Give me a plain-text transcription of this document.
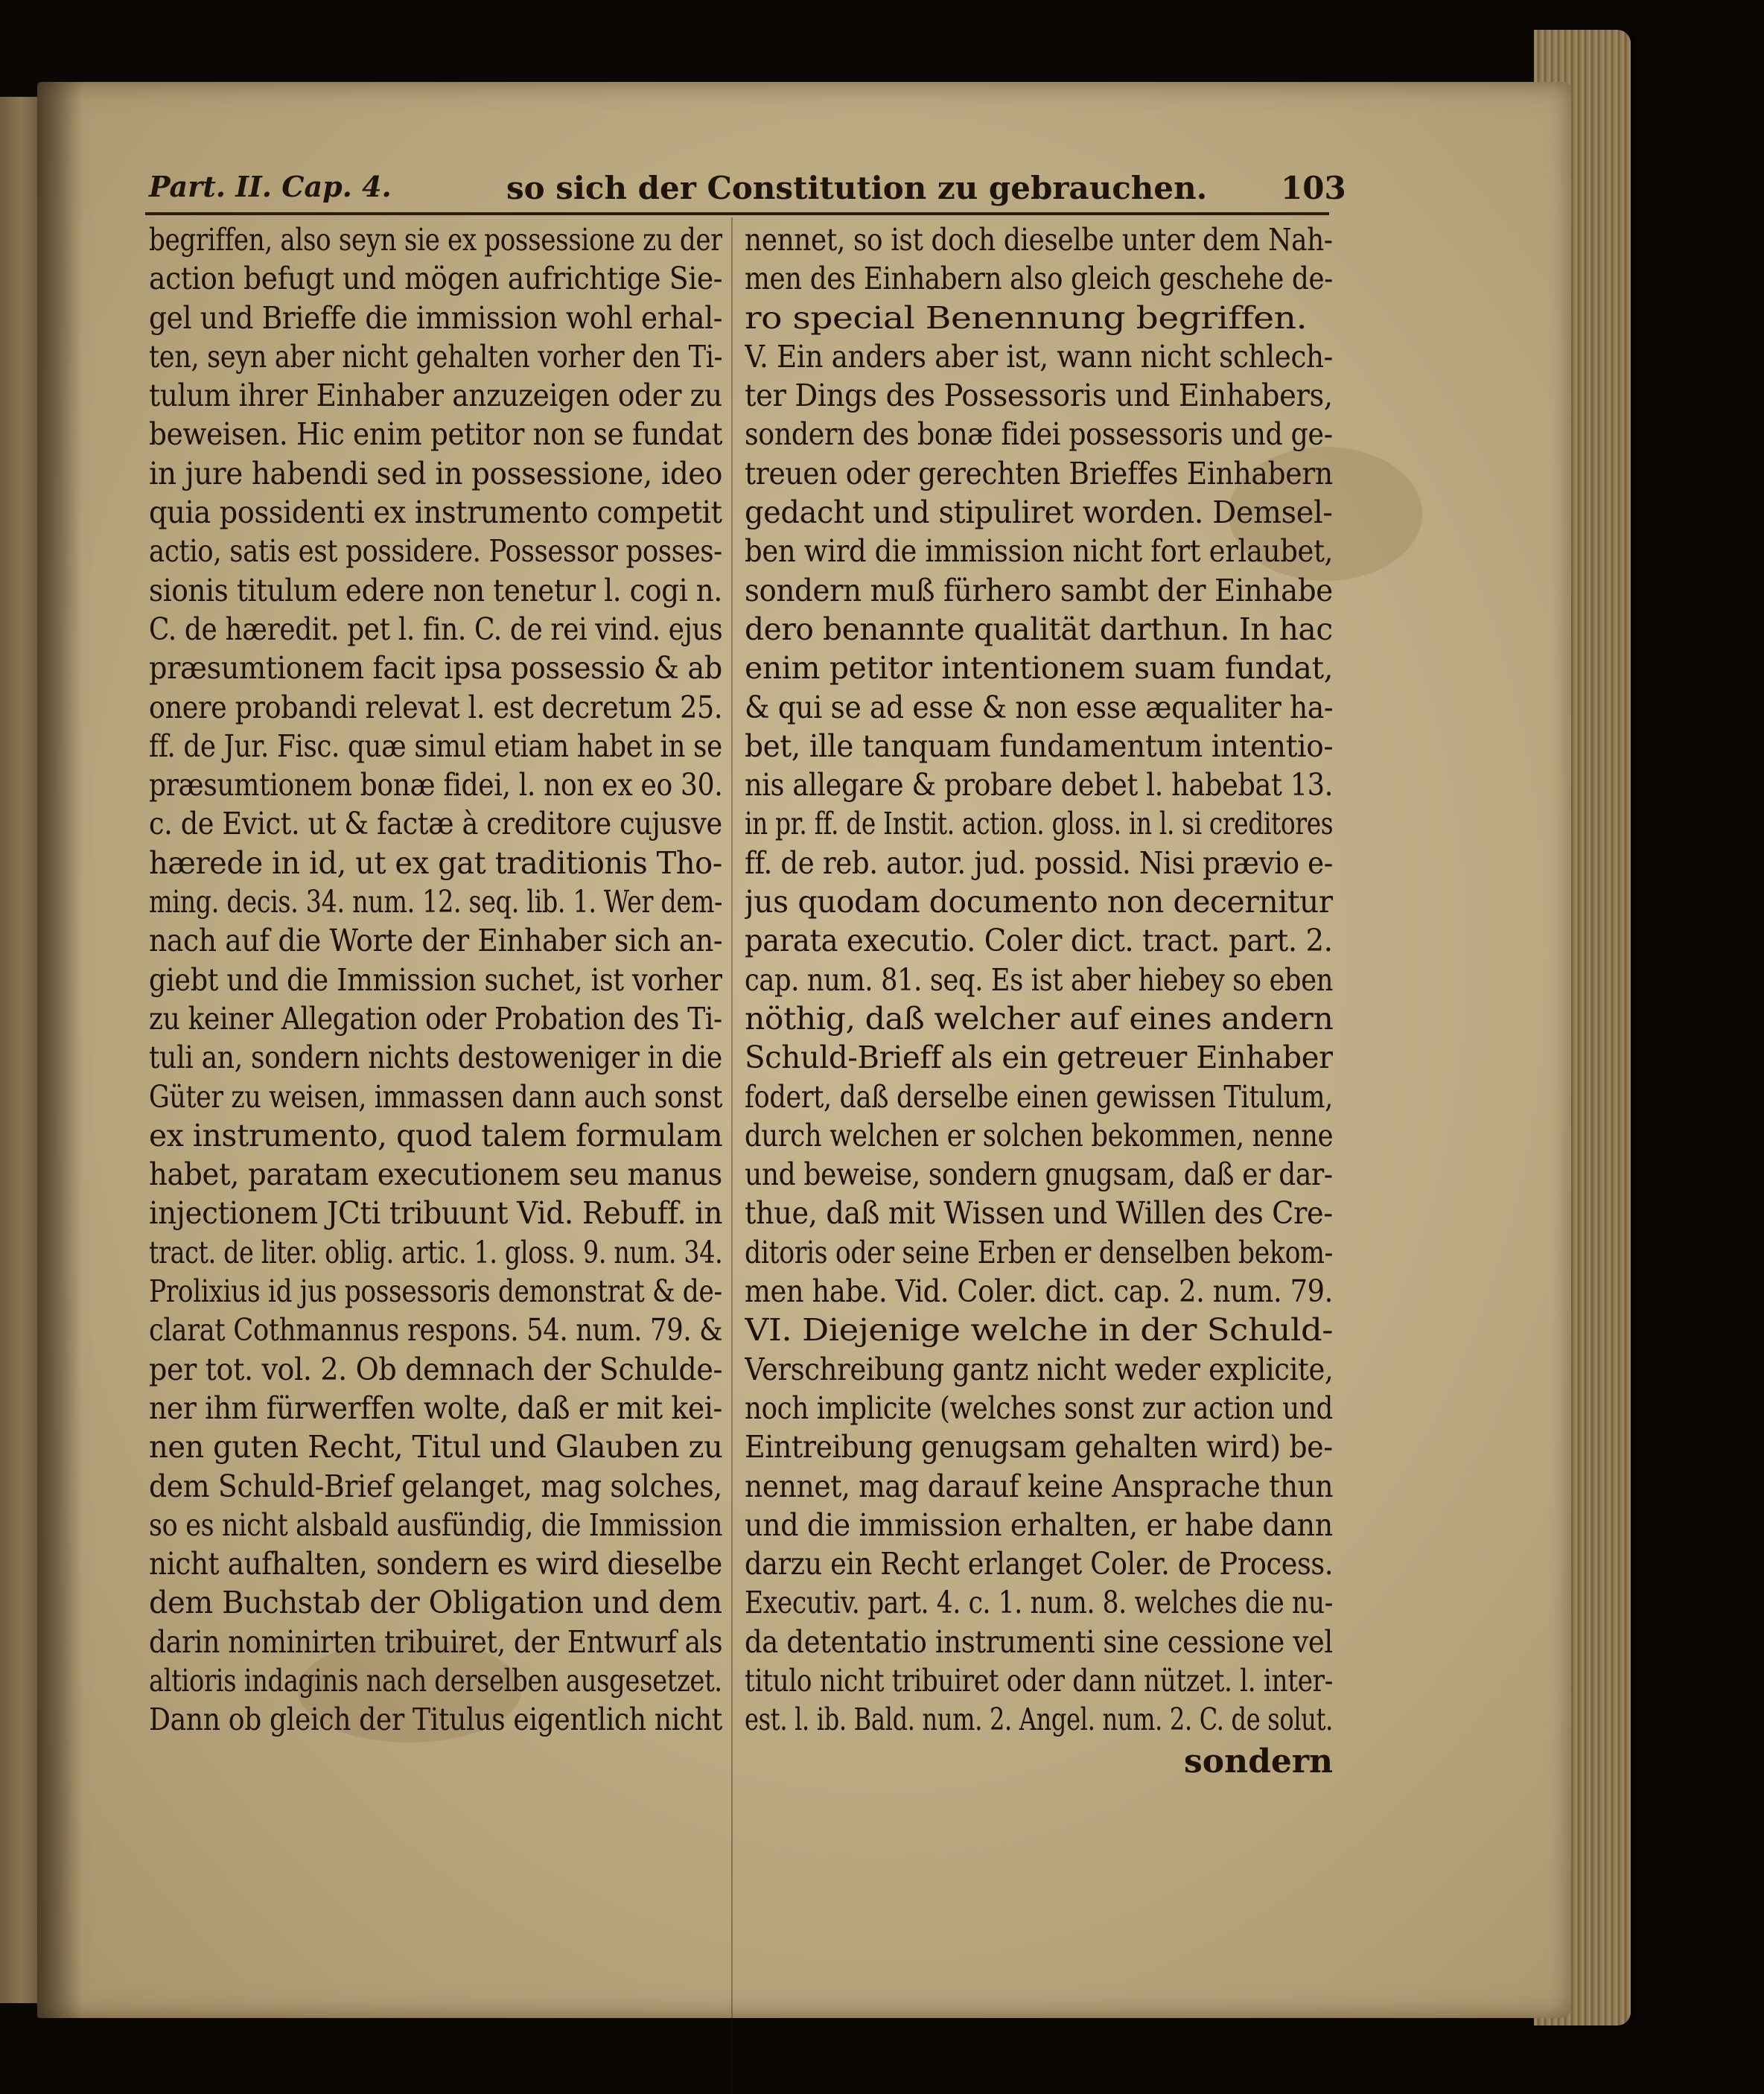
Part. II. Cap. 4.	so sich der Constitution zu gebrauchen. 103
begriffen, also seyn sie ex possessione zu der
action befugt und mögen aufrichtige Sie-
gel und Brieffe die immission wohl erhal-
ten, seyn aber nicht gehalten vorher den Ti-
tulum ihrer Einhaber anzuzeigen oder zu
beweisen. Hic enim petitor non se fundat
in jure habendi sed in possessione, ideo
quia possidenti ex instrumento competit
actio, satis est possidere. Possessor posses-
sionis titulum edere non tenetur l. cogi n.
C. de hæredit. pet l. fin. C. de rei vind. ejus
præsumtionem facit ipsa possessio & ab
onere probandi relevat l. est decretum 25.
ff. de Jur. Fisc. quæ simul etiam habet in se
præsumtionem bonæ fidei, l. non ex eo 30.
c. de Evict. ut & factæ à creditore cujusve
hærede in id, ut ex gat traditionis Tho-
ming. decis. 34. num. 12. seq. lib. 1. Wer dem-
nach auf die Worte der Einhaber sich an-
giebt und die Immission suchet, ist vorher
zu keiner Allegation oder Probation des Ti-
tuli an, sondern nichts destoweniger in die
Güter zu weisen, immassen dann auch sonst
ex instrumento, quod talem formulam
habet, paratam executionem seu manus
injectionem JCti tribuunt Vid. Rebuff. in
tract. de liter. oblig. artic. 1. gloss. 9. num. 34.
Prolixius id jus possessoris demonstrat & de-
clarat Cothmannus respons. 54. num. 79. &
per tot. vol. 2. Ob demnach der Schulde-
ner ihm fürwerffen wolte, daß er mit kei-
nen guten Recht, Titul und Glauben zu
dem Schuld-Brief gelanget, mag solches,
so es nicht alsbald ausfündig, die Immission
nicht aufhalten, sondern es wird dieselbe
dem Buchstab der Obligation und dem
darin nominirten tribuiret, der Entwurf als
altioris indaginis nach derselben ausgesetzet.
Dann ob gleich der Titulus eigentlich nicht
nennet, so ist doch dieselbe unter dem Nah-
men des Einhabern also gleich geschehe de-
ro special Benennung begriffen.
V. Ein anders aber ist, wann nicht schlech-
ter Dings des Possessoris und Einhabers,
sondern des bonæ fidei possessoris und ge-
treuen oder gerechten Brieffes Einhabern
gedacht und stipuliret worden. Demsel-
ben wird die immission nicht fort erlaubet,
sondern muß fürhero sambt der Einhabe
dero benannte qualität darthun. In hac
enim petitor intentionem suam fundat,
& qui se ad esse & non esse æqualiter ha-
bet, ille tanquam fundamentum intentio-
nis allegare & probare debet l. habebat 13.
in pr. ff. de Instit. action. gloss. in l. si creditores
ff. de reb. autor. jud. possid. Nisi prævio e-
jus quodam documento non decernitur
parata executio. Coler dict. tract. part. 2.
cap. num. 81. seq. Es ist aber hiebey so eben
nöthig, daß welcher auf eines andern
Schuld-Brieff als ein getreuer Einhaber
fodert, daß derselbe einen gewissen Titulum,
durch welchen er solchen bekommen, nenne
und beweise, sondern gnugsam, daß er dar-
thue, daß mit Wissen und Willen des Cre-
ditoris oder seine Erben er denselben bekom-
men habe. Vid. Coler. dict. cap. 2. num. 79.
VI. Diejenige welche in der Schuld-
Verschreibung gantz nicht weder explicite,
noch implicite (welches sonst zur action und
Eintreibung genugsam gehalten wird) be-
nennet, mag darauf keine Ansprache thun
und die immission erhalten, er habe dann
darzu ein Recht erlanget Coler. de Process.
Executiv. part. 4. c. 1. num. 8. welches die nu-
da detentatio instrumenti sine cessione vel
titulo nicht tribuiret oder dann nützet. l. inter-
est. l. ib. Bald. num. 2. Angel. num. 2. C. de solut.
sondern
